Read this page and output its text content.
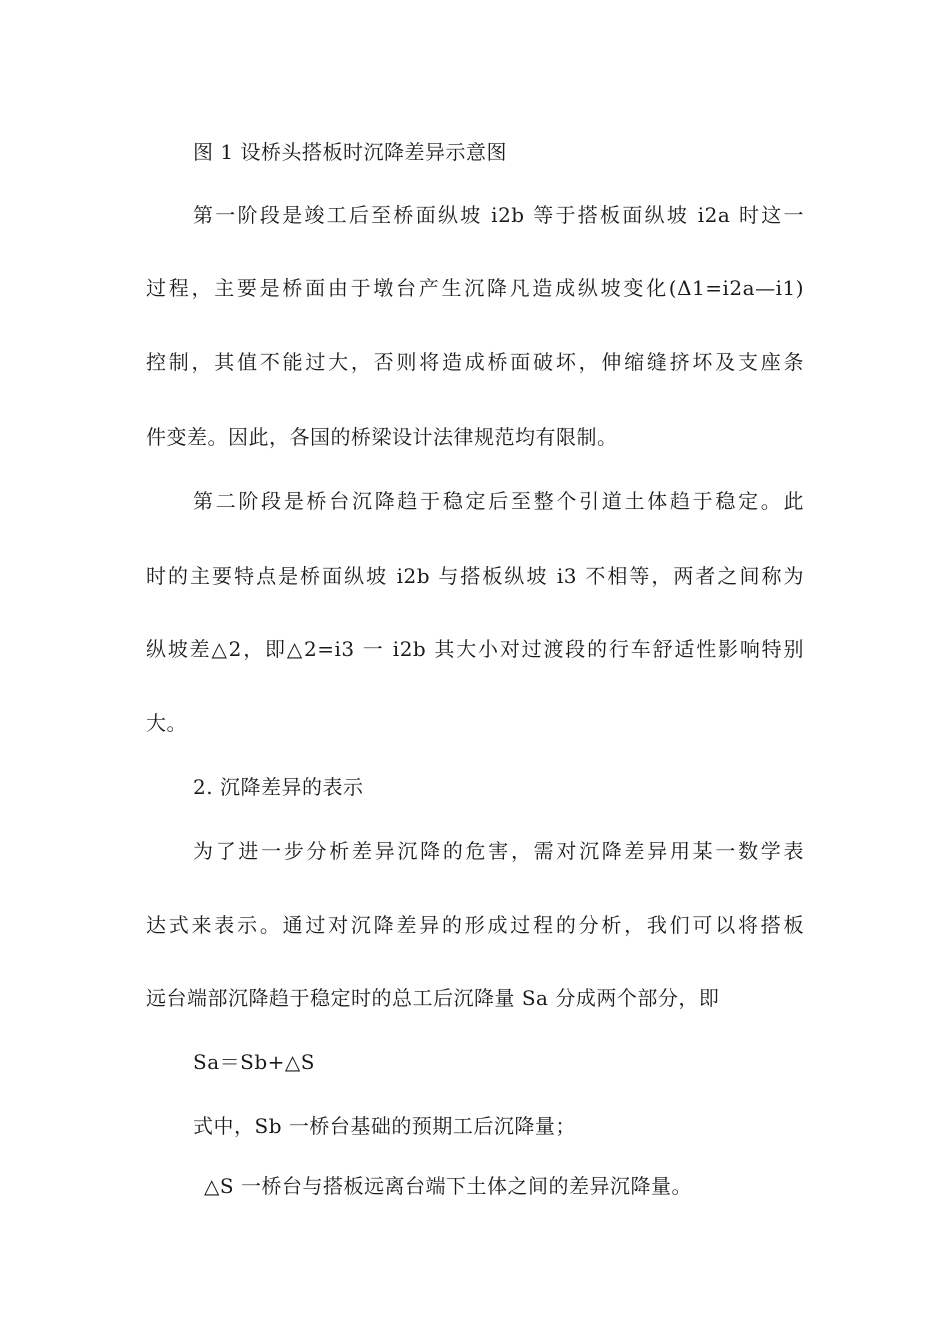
图 1 设桥头搭板时沉降差异示意图
第一阶段是竣工后至桥面纵坡 i2b 等于搭板面纵坡 i2a 时这一
过程，主要是桥面由于墩台产生沉降凡造成纵坡变化(Δ1=i2a—i1)
控制，其值不能过大，否则将造成桥面破坏，伸缩缝挤坏及支座条
件变差。因此，各国的桥梁设计法律规范均有限制。
第二阶段是桥台沉降趋于稳定后至整个引道土体趋于稳定。此
时的主要特点是桥面纵坡 i2b 与搭板纵坡 i3 不相等，两者之间称为
纵坡差△2，即△2=i3 一 i2b 其大小对过渡段的行车舒适性影响特别
大。
2. 沉降差异的表示
为了进一步分析差异沉降的危害，需对沉降差异用某一数学表
达式来表示。通过对沉降差异的形成过程的分析，我们可以将搭板
远台端部沉降趋于稳定时的总工后沉降量 Sa 分成两个部分，即
Sa＝Sb+△S
式中，Sb 一桥台基础的预期工后沉降量；
△S 一桥台与搭板远离台端下土体之间的差异沉降量。
